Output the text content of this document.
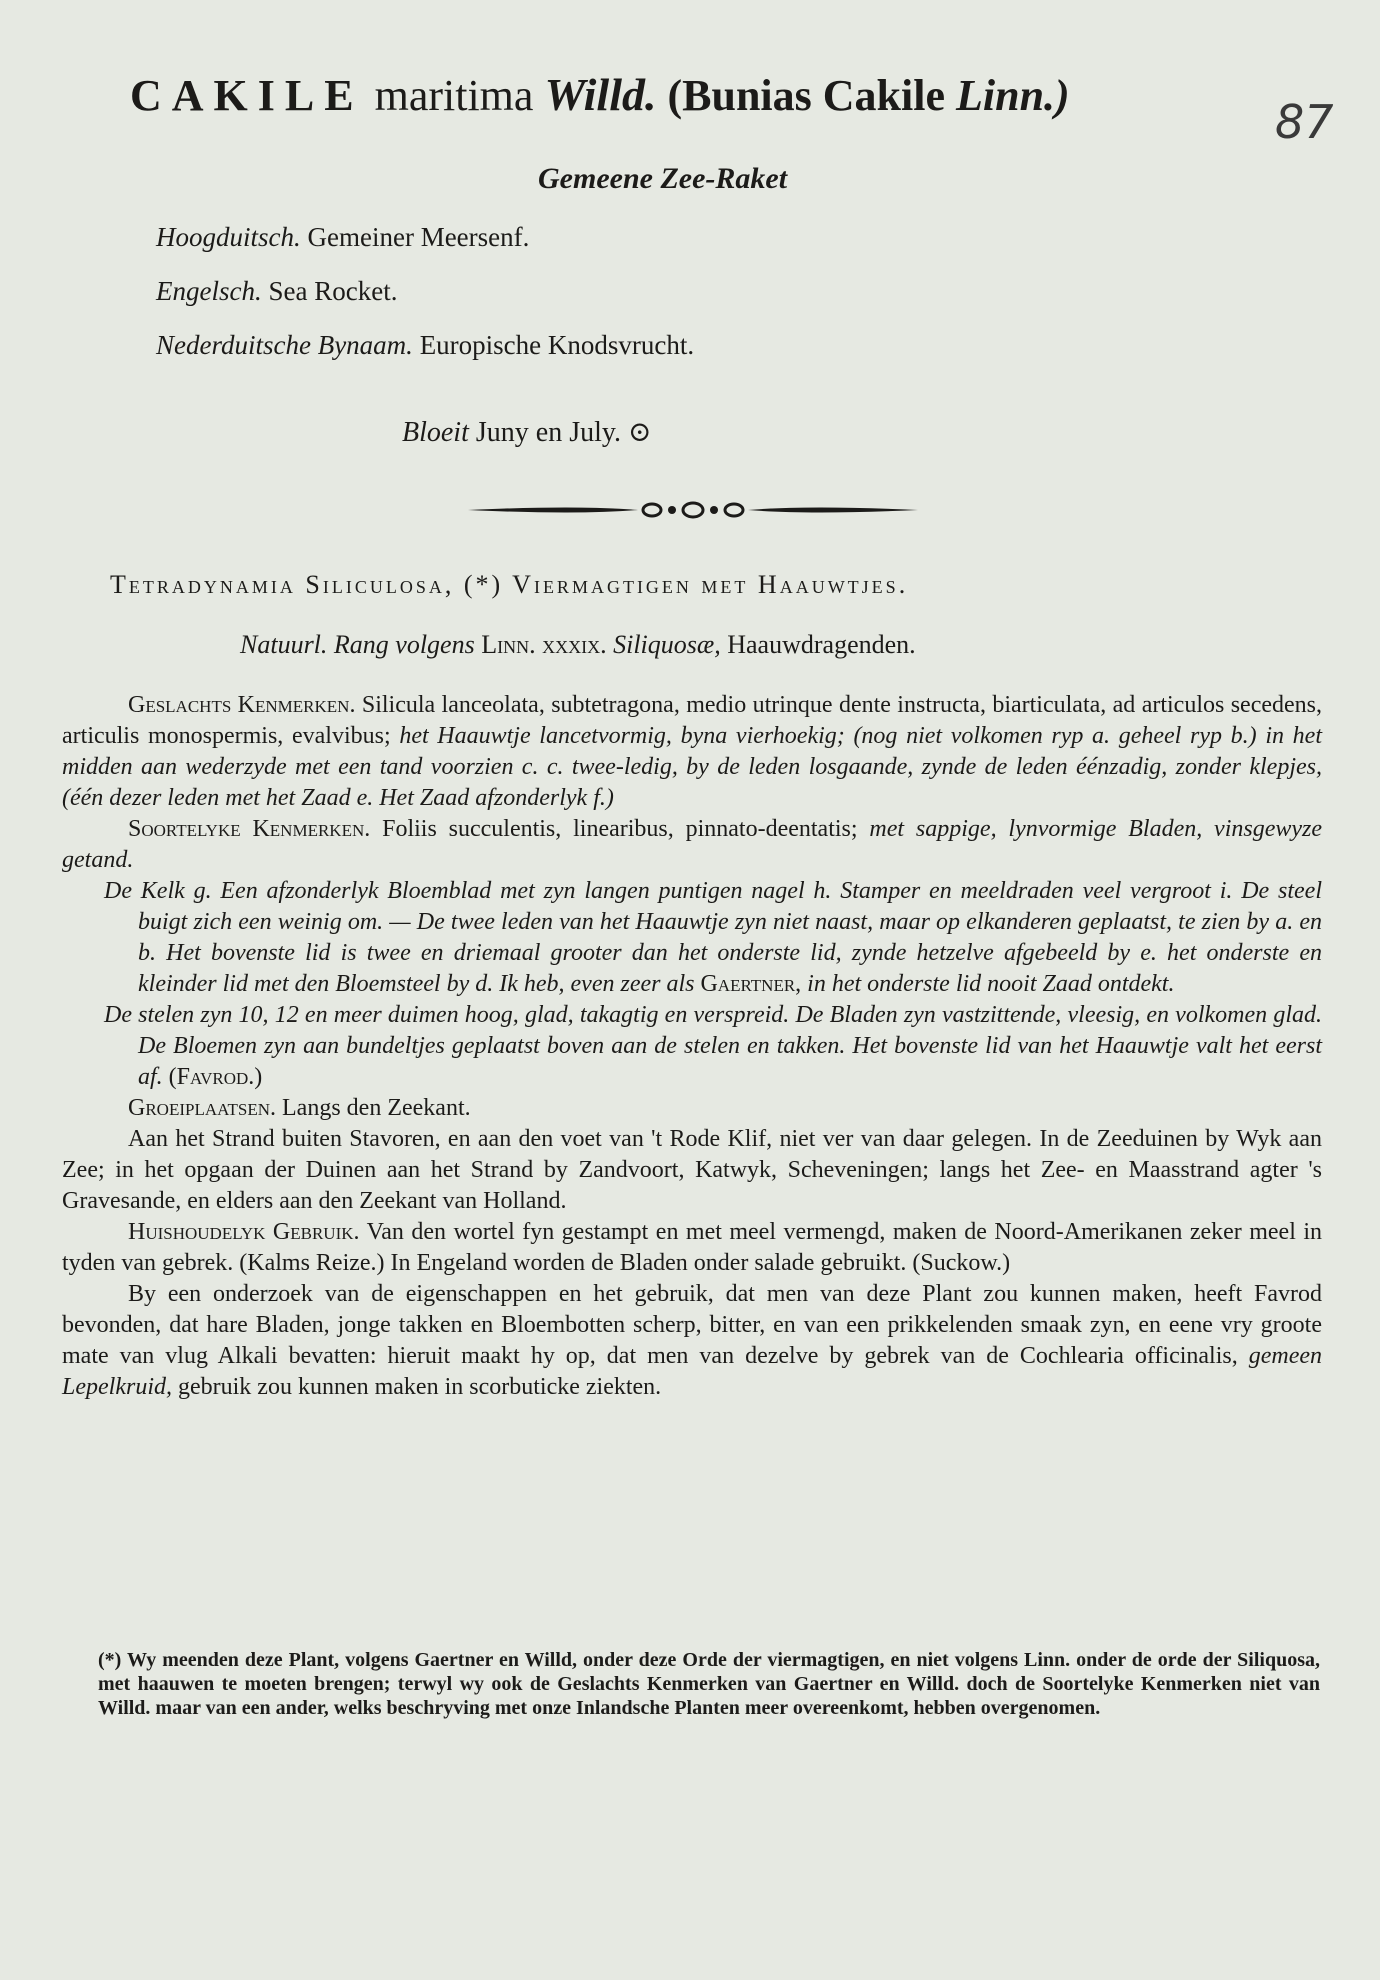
CAKILE maritima Willd. (Bunias Cakile Linn.)	87
Gemeene Zee-Raket
Hoogduitsch. Gemeiner Meersenf.
Engelsch. Sea Rocket.
Nederduitsche Bynaam. Europische Knodsvrucht.
Bloeit Juny en July. ⊙
Tetradynamia Siliculosa, (*) Viermagtigen met Haauwtjes.
Natuurl. Rang volgens Linn. xxxix. Siliquosæ, Haauwdragenden.

Geslachts Kenmerken. Silicula lanceolata, subtetragona, medio utrinque dente instructa, biarticulata, ad articulos secedens, articulis monospermis, evalvibus; het Haauwtje lancetvormig, byna vierhoekig; (nog niet volkomen ryp a. geheel ryp b.) in het midden aan wederzyde met een tand voorzien c. c. twee-ledig, by de leden losgaande, zynde de leden éénzadig, zonder klepjes, (één dezer leden met het Zaad e. Het Zaad afzonderlyk f.)

Soortelyke Kenmerken. Foliis succulentis, linearibus, pinnato-deentatis; met sappige, lynvormige Bladen, vinsgewyze getand.

De Kelk g. Een afzonderlyk Bloemblad met zyn langen puntigen nagel h. Stamper en meeldraden veel vergroot i. De steel buigt zich een weinig om. — De twee leden van het Haauwtje zyn niet naast, maar op elkanderen geplaatst, te zien by a. en b. Het bovenste lid is twee en driemaal grooter dan het onderste lid, zynde hetzelve afgebeeld by e. het onderste en kleinder lid met den Bloemsteel by d. Ik heb, even zeer als Gaertner, in het onderste lid nooit Zaad ontdekt.

De stelen zyn 10, 12 en meer duimen hoog, glad, takagtig en verspreid. De Bladen zyn vastzittende, vleesig, en volkomen glad. De Bloemen zyn aan bundeltjes geplaatst boven aan de stelen en takken. Het bovenste lid van het Haauwtje valt het eerst af. (Favrod.)

Groeiplaatsen. Langs den Zeekant.

Aan het Strand buiten Stavoren, en aan den voet van 't Rode Klif, niet ver van daar gelegen. In de Zeeduinen by Wyk aan Zee; in het opgaan der Duinen aan het Strand by Zandvoort, Katwyk, Scheveningen; langs het Zee- en Maasstrand agter 's Gravesande, en elders aan den Zeekant van Holland.

Huishoudelyk Gebruik. Van den wortel fyn gestampt en met meel vermengd, maken de Noord-Amerikanen zeker meel in tyden van gebrek. (Kalms Reize.) In Engeland worden de Bladen onder salade gebruikt. (Suckow.)

By een onderzoek van de eigenschappen en het gebruik, dat men van deze Plant zou kunnen maken, heeft Favrod bevonden, dat hare Bladen, jonge takken en Bloembotten scherp, bitter, en van een prikkelenden smaak zyn, en eene vry groote mate van vlug Alkali bevatten: hieruit maakt hy op, dat men van dezelve by gebrek van de Cochlearia officinalis, gemeen Lepelkruid, gebruik zou kunnen maken in scorbuticke ziekten.

(*) Wy meenden deze Plant, volgens Gaertner en Willd, onder deze Orde der viermagtigen, en niet volgens Linn. onder de orde der Siliquosa, met haauwen te moeten brengen; terwyl wy ook de Geslachts Kenmerken van Gaertner en Willd. doch de Soortelyke Kenmerken niet van Willd. maar van een ander, welks beschryving met onze Inlandsche Planten meer overeenkomt, hebben overgenomen.
